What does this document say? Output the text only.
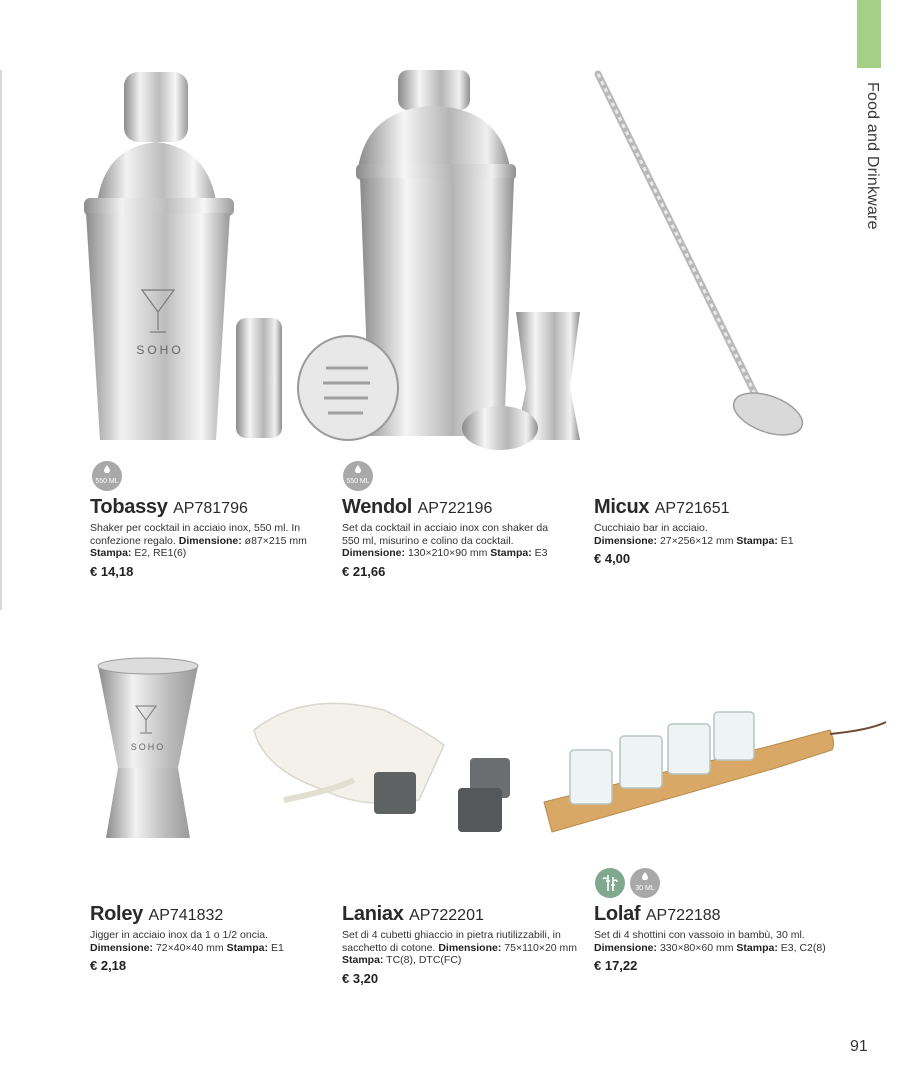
Food and Drinkware
SOHO
SOHO
550 ML	550 ML
30 ML
Tobassy AP781796
Shaker per cocktail in acciaio inox, 550 ml. In confezione regalo. Dimensione: ø87×215 mm Stampa: E2, RE1(6)
€ 14,18
Wendol AP722196
Set da cocktail in acciaio inox con shaker da 550 ml, misurino e colino da cocktail. Dimensione: 130×210×90 mm Stampa: E3
€ 21,66
Micux AP721651
Cucchiaio bar in acciaio.
Dimensione: 27×256×12 mm Stampa: E1
€ 4,00
Roley AP741832
Jigger in acciaio inox da 1 o 1/2 oncia.
Dimensione: 72×40×40 mm Stampa: E1
€ 2,18
Laniax AP722201
Set di 4 cubetti ghiaccio in pietra riutilizzabili, in sacchetto di cotone. Dimensione: 75×110×20 mm Stampa: TC(8), DTC(FC)
€ 3,20
Lolaf AP722188
Set di 4 shottini con vassoio in bambù, 30 ml.
Dimensione: 330×80×60 mm Stampa: E3, C2(8)
€ 17,22
91
